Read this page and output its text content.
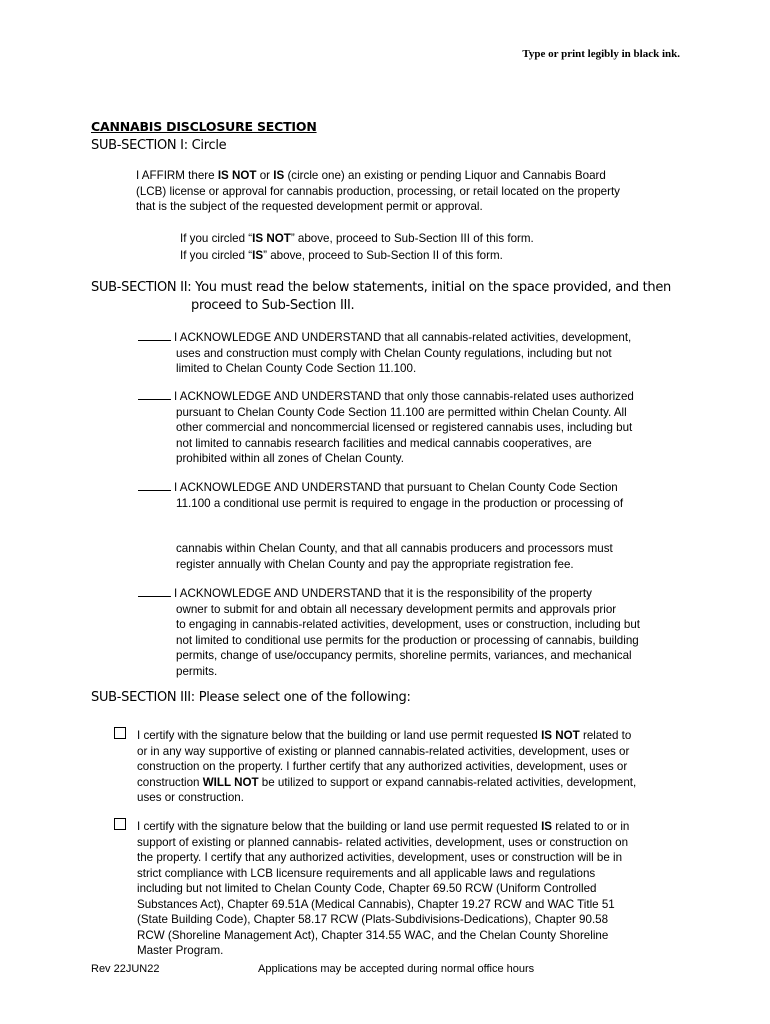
Type or print legibly in black ink.
CANNABIS DISCLOSURE SECTION
SUB-SECTION I: Circle
I AFFIRM there IS NOT or IS (circle one) an existing or pending Liquor and Cannabis Board
(LCB) license or approval for cannabis production, processing, or retail located on the property
that is the subject of the requested development permit or approval.
If you circled “IS NOT” above, proceed to Sub-Section III of this form.
If you circled “IS” above, proceed to Sub-Section II of this form.
SUB-SECTION II: You must read the below statements, initial on the space provided, and then
proceed to Sub-Section III.
I ACKNOWLEDGE AND UNDERSTAND that all cannabis-related activities, development,
uses and construction must comply with Chelan County regulations, including but not
limited to Chelan County Code Section 11.100.
I ACKNOWLEDGE AND UNDERSTAND that only those cannabis-related uses authorized
pursuant to Chelan County Code Section 11.100 are permitted within Chelan County. All
other commercial and noncommercial licensed or registered cannabis uses, including but
not limited to cannabis research facilities and medical cannabis cooperatives, are
prohibited within all zones of Chelan County.
I ACKNOWLEDGE AND UNDERSTAND that pursuant to Chelan County Code Section
11.100 a conditional use permit is required to engage in the production or processing of
cannabis within Chelan County, and that all cannabis producers and processors must
register annually with Chelan County and pay the appropriate registration fee.
I ACKNOWLEDGE AND UNDERSTAND that it is the responsibility of the property
owner to submit for and obtain all necessary development permits and approvals prior
to engaging in cannabis-related activities, development, uses or construction, including but
not limited to conditional use permits for the production or processing of cannabis, building
permits, change of use/occupancy permits, shoreline permits, variances, and mechanical
permits.
SUB-SECTION III: Please select one of the following:
I certify with the signature below that the building or land use permit requested IS NOT related to
or in any way supportive of existing or planned cannabis-related activities, development, uses or
construction on the property. I further certify that any authorized activities, development, uses or
construction WILL NOT be utilized to support or expand cannabis-related activities, development,
uses or construction.
I certify with the signature below that the building or land use permit requested IS related to or in
support of existing or planned cannabis- related activities, development, uses or construction on
the property. I certify that any authorized activities, development, uses or construction will be in
strict compliance with LCB licensure requirements and all applicable laws and regulations
including but not limited to Chelan County Code, Chapter 69.50 RCW (Uniform Controlled
Substances Act), Chapter 69.51A (Medical Cannabis), Chapter 19.27 RCW and WAC Title 51
(State Building Code), Chapter 58.17 RCW (Plats-Subdivisions-Dedications), Chapter 90.58
RCW (Shoreline Management Act), Chapter 314.55 WAC, and the Chelan County Shoreline
Master Program.
Rev 22JUN22	Applications may be accepted during normal office hours
